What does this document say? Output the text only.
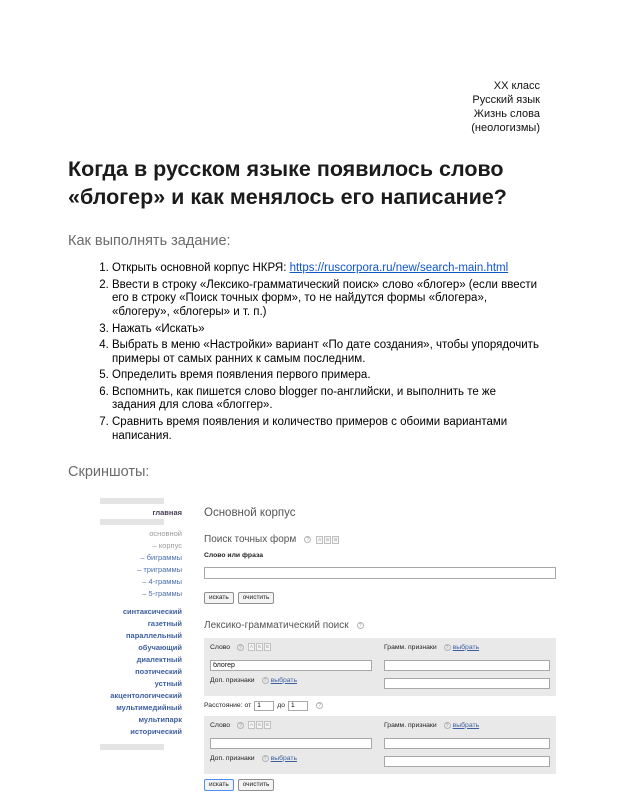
XX класс
Русский язык
Жизнь слова
(неологизмы)
Когда в русском языке появилось слово «блогер» и как менялось его написание?
Как выполнять задание:
1. Открыть основной корпус НКРЯ: https://ruscorpora.ru/new/search-main.html
2. Ввести в строку «Лексико-грамматический поиск» слово «блогер» (если ввести его в строку «Поиск точных форм», то не найдутся формы «блогера», «блогеру», «блогеры» и т. п.)
3. Нажать «Искать»
4. Выбрать в меню «Настройки» вариант «По дате создания», чтобы упорядочить примеры от самых ранних к самым последним.
5. Определить время появления первого примера.
6. Вспомнить, как пишется слово blogger по-английски, и выполнить те же задания для слова «блоггер».
7. Сравнить время появления и количество примеров с обоими вариантами написания.
Скриншоты:
главная
основной
– корпус
– биграммы
– триграммы
– 4-граммы
– 5-граммы
синтаксический
газетный
параллельный
обучающий
диалектный
поэтический
устный
акцентологический
мультимедийный
мультипарк
исторический
Основной корпус
Поиск точных форм	?	А	Б	В
Слово или фраза
искать	очистить
Лексико-грамматический поиск	?
Слово	?	А	Б	В
блогер
Доп. признаки	? выбрать
Грамм. признаки	? выбрать

Расстояние: от
1	до
1	?
Слово	?	А	Б	В
Доп. признаки	? выбрать
Грамм. признаки	? выбрать

искать	очистить
